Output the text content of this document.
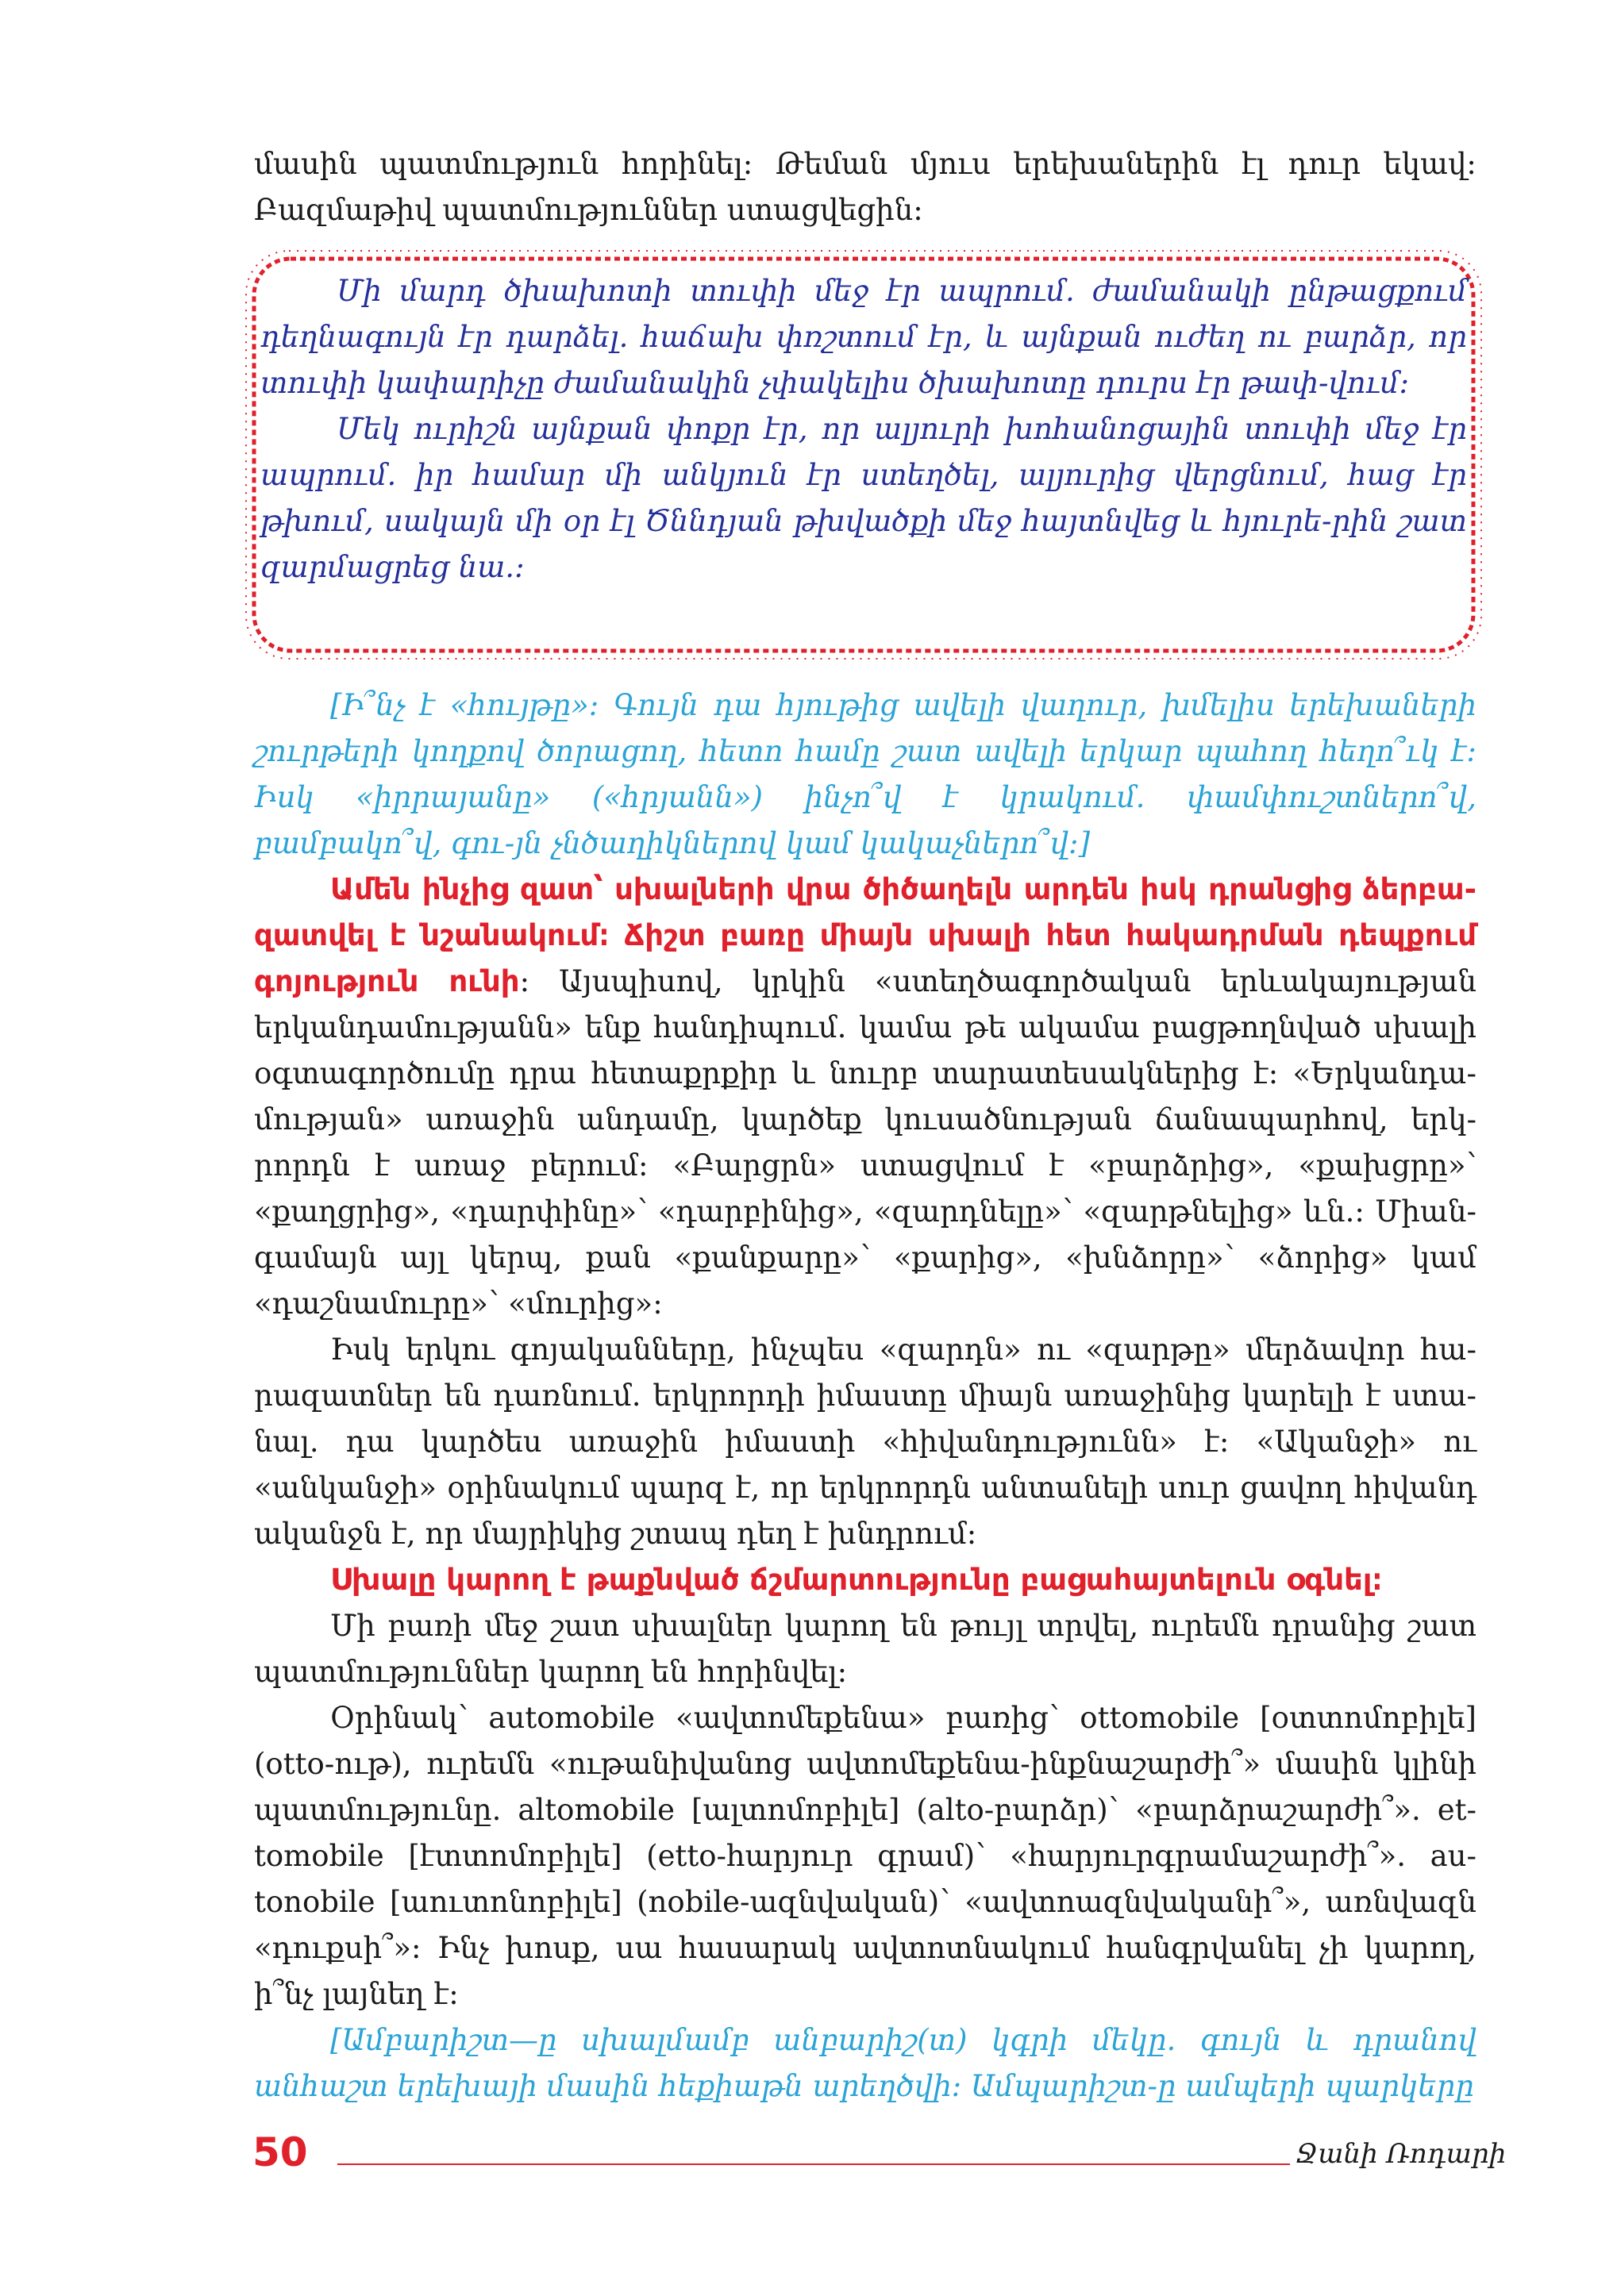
մասին պատմություն հորինել։ Թեման մյուս երեխաներին էլ դուր եկավ։ Բազմաթիվ պատմություններ ստացվեցին։

Մի մարդ ծխախոտի տուփի մեջ էր ապրում. ժամանակի ընթացքում դեղնագույն էր դարձել. հաճախ փռշտում էր, և այնքան ուժեղ ու բարձր, որ տուփի կափարիչը ժամանակին չփակելիս ծխախոտը դուրս էր թափ-վում։

Մեկ ուրիշն այնքան փոքր էր, որ ալյուրի խոհանոցային տուփի մեջ էր ապրում. իր համար մի անկյուն էր ստեղծել, ալյուրից վերցնում, հաց էր թխում, սակայն մի օր էլ Ծննդյան թխվածքի մեջ հայտնվեց և հյուրե-րին շատ զարմացրեց նա.։

[Ի՞նչ է «հույթը»։ Գույն դա հյութից ավելի վաղուր, խմելիս երեխաների շուրթերի կողքով ծորացող, հետո համը շատ ավելի երկար պահող հեղո՞ւկ է։ Իսկ «իրրայանը» («հրյանն») ինչո՞վ է կրակում. փամփուշտներո՞վ, բամբակո՞վ, գու-յն չնծաղիկներով կամ կակաչներո՞վ։]

Ամեն ինչից զատ՝ սխալների վրա ծիծաղելն արդեն իսկ դրանցից ձերբա-զատվել է նշանակում։ Ճիշտ բառը միայն սխալի հետ հակադրման դեպքում գոյություն ունի։ Այսպիսով, կրկին «ստեղծագործական երևակայության երկանդամությանն» ենք հանդիպում. կամա թե ակամա բացթողնված սխալի օգտագործումը դրա հետաքրքիր և նուրբ տարատեսակներից է։ «Երկանդա-մության» առաջին անդամը, կարծեք կուսածնության ճանապարհով, երկ-րորդն է առաջ բերում։ «Բարցրն» ստացվում է «բարձրից», «քախցրը»՝ «քաղցրից», «դարփինը»՝ «դարբինից», «զարդնելը»՝ «զարթնելից» ևն.։ Միան-գամայն այլ կերպ, քան «քանքարը»՝ «քարից», «խնձորը»՝ «ձորից» կամ «դաշնամուրը»՝ «մուրից»։

Իսկ երկու գոյականները, ինչպես «զարդն» ու «զարթը» մերձավոր հա-րազատներ են դառնում. երկրորդի իմաստը միայն առաջինից կարելի է ստա-նալ. դա կարծես առաջին իմաստի «հիվանդությունն» է։ «Ականջի» ու «անկանջի» օրինակում պարզ է, որ երկրորդն անտանելի սուր ցավող հիվանդ ականջն է, որ մայրիկից շտապ դեղ է խնդրում։

Սխալը կարող է թաքնված ճշմարտությունը բացահայտելուն օգնել։

Մի բառի մեջ շատ սխալներ կարող են թույլ տրվել, ուրեմն դրանից շատ պատմություններ կարող են հորինվել։

Օրինակ՝ automobile «ավտոմեքենա» բառից՝ ottomobile [օտտոմոբիլե] (otto-ութ), ուրեմն «ութանիվանոց ավտոմեքենա-ինքնաշարժի՞» մասին կլինի պատմությունը. altomobile [ալտոմոբիլե] (alto-բարձր)՝ «բարձրաշարժի՞». et-tomobile [էտտոմոբիլե] (etto-հարյուր գրամ)՝ «հարյուրգրամաշարժի՞». au-tonobile [աուտոնոբիլե] (nobile-ազնվական)՝ «ավտոազնվականի՞», առնվազն «դուքսի՞»։ Ինչ խոսք, սա հասարակ ավտոտնակում հանգրվանել չի կարող, ի՞նչ լայնեղ է։

[Ամբարիշտ—ը սխալմամբ անբարիշ(տ) կգրի մեկը. գույն և դրանով անհաշտ երեխայի մասին հեքիաթն արեղծվի։ Ամպարիշտ-ը ամպերի պարկերը

50	Ջանի Ռոդարի
